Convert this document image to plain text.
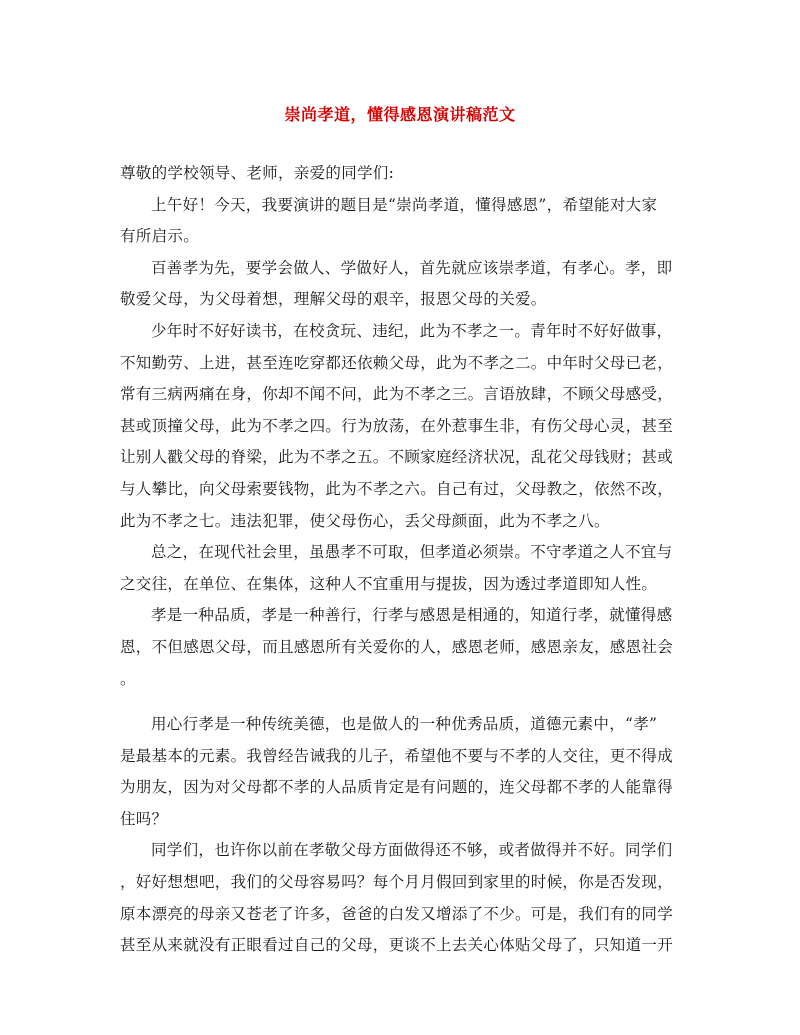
崇尚孝道，懂得感恩演讲稿范文
尊敬的学校领导、老师，亲爱的同学们:
上午好！今天，我要演讲的题目是“崇尚孝道，懂得感恩”，希望能对大家
有所启示。
百善孝为先，要学会做人、学做好人，首先就应该崇孝道，有孝心。孝，即
敬爱父母，为父母着想，理解父母的艰辛，报恩父母的关爱。
少年时不好好读书，在校贪玩、违纪，此为不孝之一。青年时不好好做事，
不知勤劳、上进，甚至连吃穿都还依赖父母，此为不孝之二。中年时父母已老，
常有三病两痛在身，你却不闻不问，此为不孝之三。言语放肆，不顾父母感受，
甚或顶撞父母，此为不孝之四。行为放荡，在外惹事生非，有伤父母心灵，甚至
让别人戳父母的脊梁，此为不孝之五。不顾家庭经济状况，乱花父母钱财；甚或
与人攀比，向父母索要钱物，此为不孝之六。自己有过，父母教之，依然不改，
此为不孝之七。违法犯罪，使父母伤心，丢父母颜面，此为不孝之八。
总之，在现代社会里，虽愚孝不可取，但孝道必须崇。不守孝道之人不宜与
之交往，在单位、在集体，这种人不宜重用与提拔，因为透过孝道即知人性。
孝是一种品质，孝是一种善行，行孝与感恩是相通的，知道行孝，就懂得感
恩，不但感恩父母，而且感恩所有关爱你的人，感恩老师，感恩亲友，感恩社会
。
用心行孝是一种传统美德，也是做人的一种优秀品质，道德元素中，“孝”
是最基本的元素。我曾经告诫我的儿子，希望他不要与不孝的人交往，更不得成
为朋友，因为对父母都不孝的人品质肯定是有问题的，连父母都不孝的人能靠得
住吗？
同学们，也许你以前在孝敬父母方面做得还不够，或者做得并不好。同学们
，好好想想吧，我们的父母容易吗？每个月月假回到家里的时候，你是否发现，
原本漂亮的母亲又苍老了许多，爸爸的白发又增添了不少。可是，我们有的同学
甚至从来就没有正眼看过自己的父母，更谈不上去关心体贴父母了，只知道一开
